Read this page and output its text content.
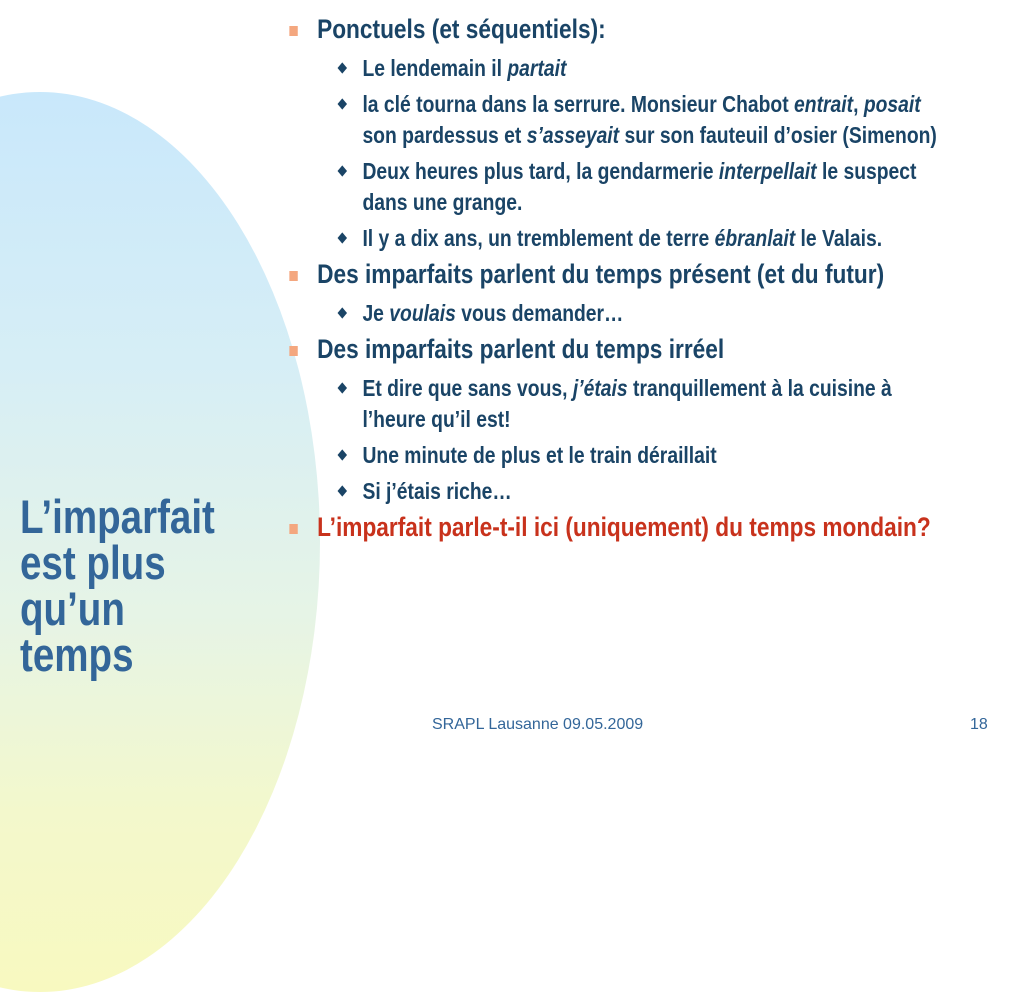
L’imparfait est plus qu’un temps
Ponctuels (et séquentiels):
Le lendemain il partait
la clé tourna dans la serrure. Monsieur Chabot entrait, posait son pardessus et s’asseyait sur son fauteuil d’osier (Simenon)
Deux heures plus tard, la gendarmerie interpellait le suspect dans une grange.
Il y a dix ans, un tremblement de terre ébranlait le Valais.
Des imparfaits parlent du temps présent (et du futur)
Je voulais vous demander…
Des imparfaits parlent du temps irréel
Et dire que sans vous, j’étais tranquillement à la cuisine à l’heure qu’il est!
Une minute de plus et le train déraillait
Si j’étais riche…
L’imparfait parle-t-il ici (uniquement) du temps mondain?
SRAPL Lausanne 09.05.2009	18
